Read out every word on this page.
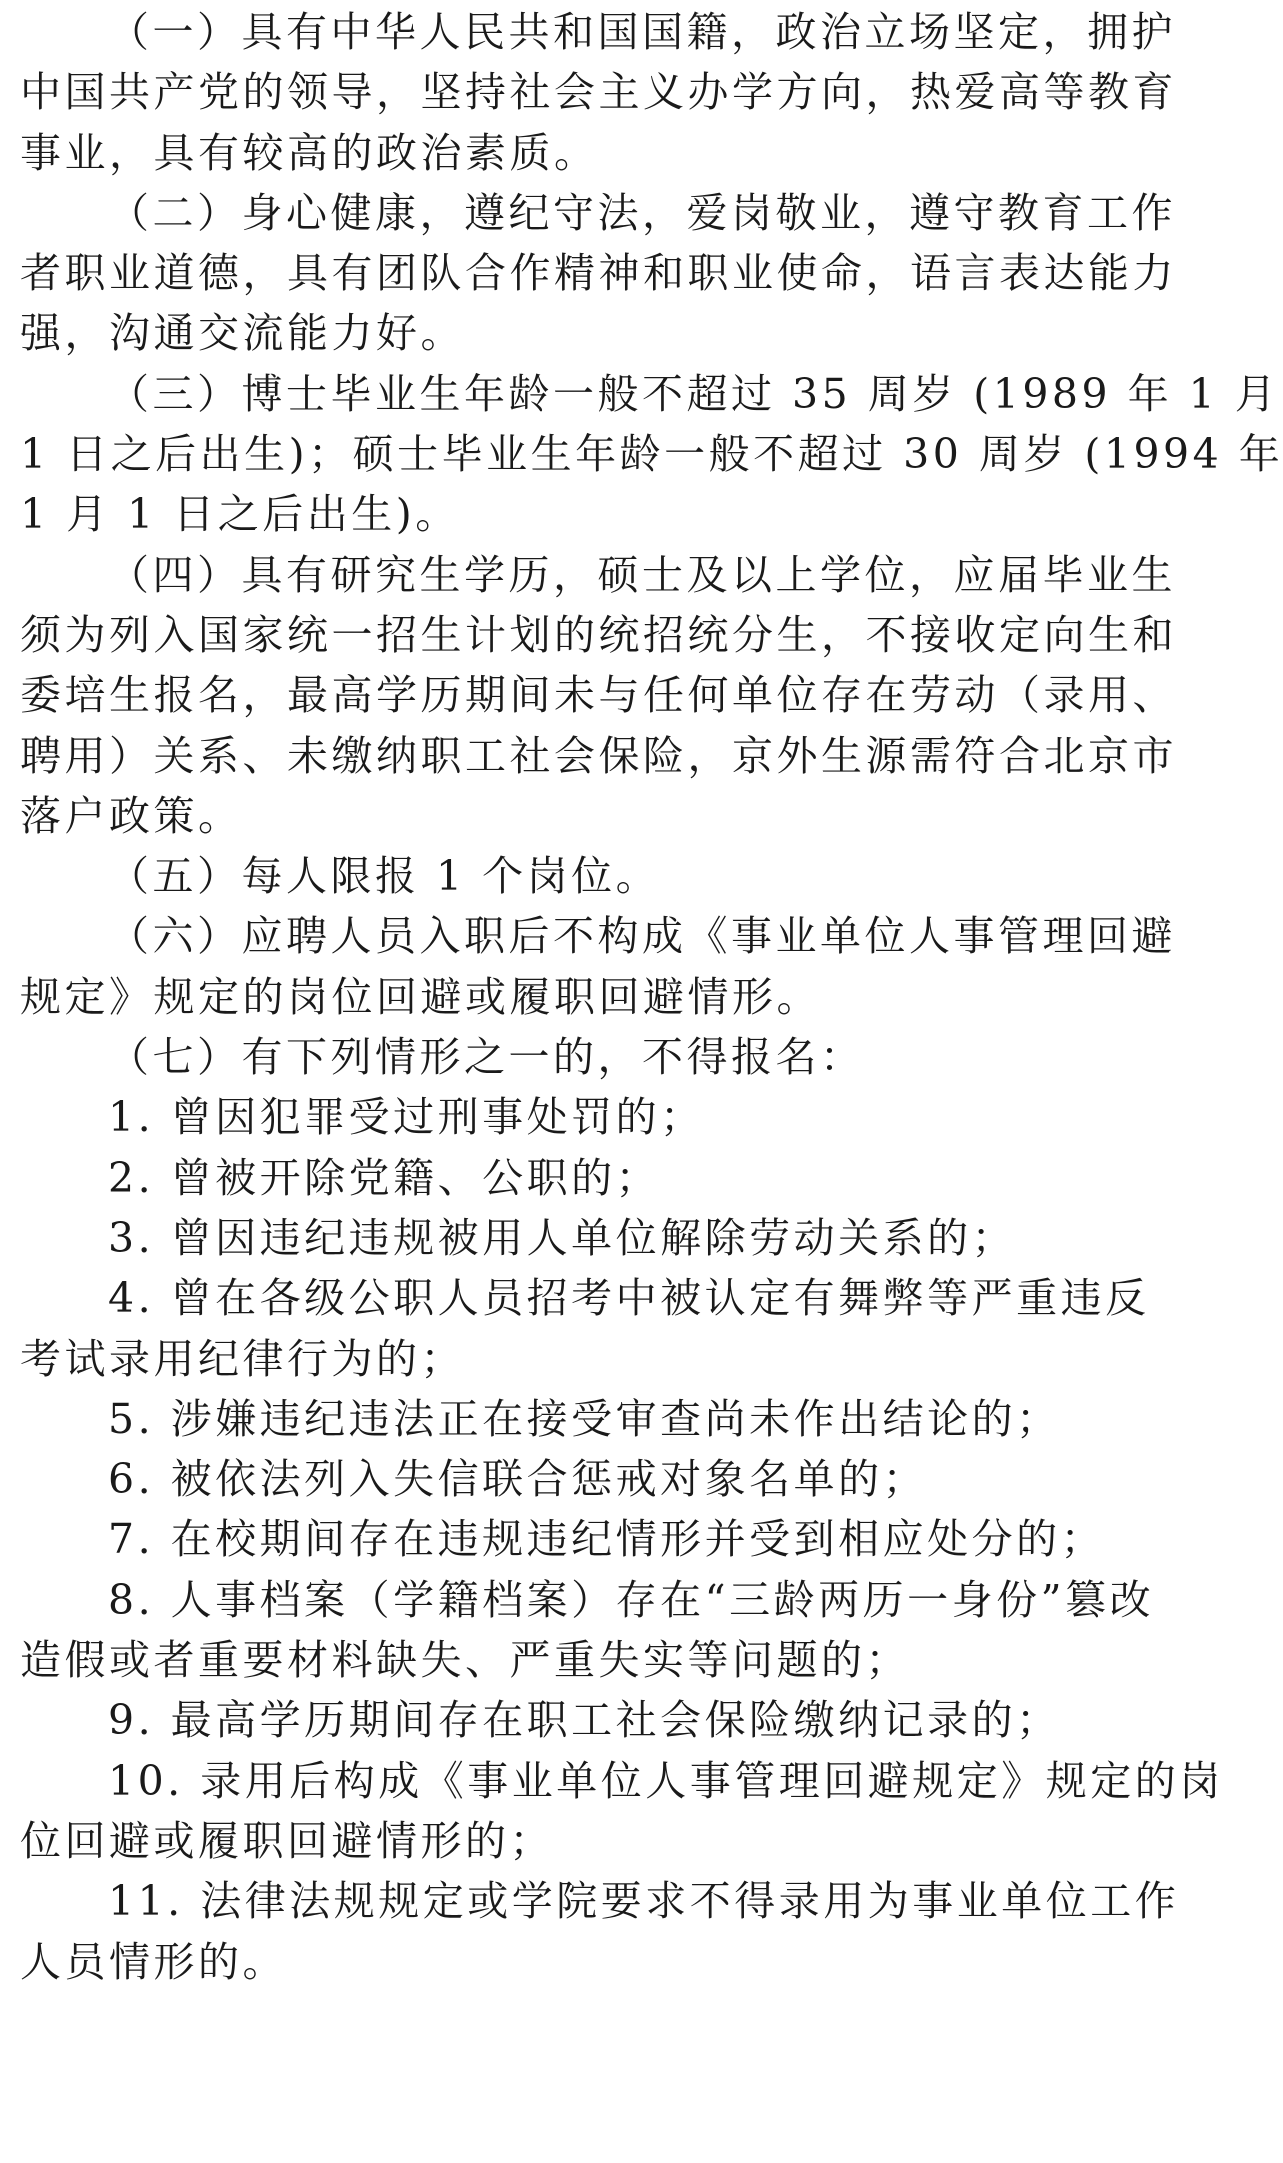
（一）具有中华人民共和国国籍，政治立场坚定，拥护
中国共产党的领导，坚持社会主义办学方向，热爱高等教育
事业，具有较高的政治素质。
（二）身心健康，遵纪守法，爱岗敬业，遵守教育工作
者职业道德，具有团队合作精神和职业使命，语言表达能力
强，沟通交流能力好。
（三）博士毕业生年龄一般不超过 35 周岁 (1989 年 1 月
1 日之后出生)；硕士毕业生年龄一般不超过 30 周岁 (1994 年
1 月 1 日之后出生)。
（四）具有研究生学历，硕士及以上学位，应届毕业生
须为列入国家统一招生计划的统招统分生，不接收定向生和
委培生报名，最高学历期间未与任何单位存在劳动（录用、
聘用）关系、未缴纳职工社会保险，京外生源需符合北京市
落户政策。
（五）每人限报 1 个岗位。
（六）应聘人员入职后不构成《事业单位人事管理回避
规定》规定的岗位回避或履职回避情形。
（七）有下列情形之一的，不得报名：
1. 曾因犯罪受过刑事处罚的；
2. 曾被开除党籍、公职的；
3. 曾因违纪违规被用人单位解除劳动关系的；
4. 曾在各级公职人员招考中被认定有舞弊等严重违反
考试录用纪律行为的；
5. 涉嫌违纪违法正在接受审查尚未作出结论的；
6. 被依法列入失信联合惩戒对象名单的；
7. 在校期间存在违规违纪情形并受到相应处分的；
8. 人事档案（学籍档案）存在“三龄两历一身份”篡改
造假或者重要材料缺失、严重失实等问题的；
9. 最高学历期间存在职工社会保险缴纳记录的；
10. 录用后构成《事业单位人事管理回避规定》规定的岗
位回避或履职回避情形的；
11. 法律法规规定或学院要求不得录用为事业单位工作
人员情形的。
